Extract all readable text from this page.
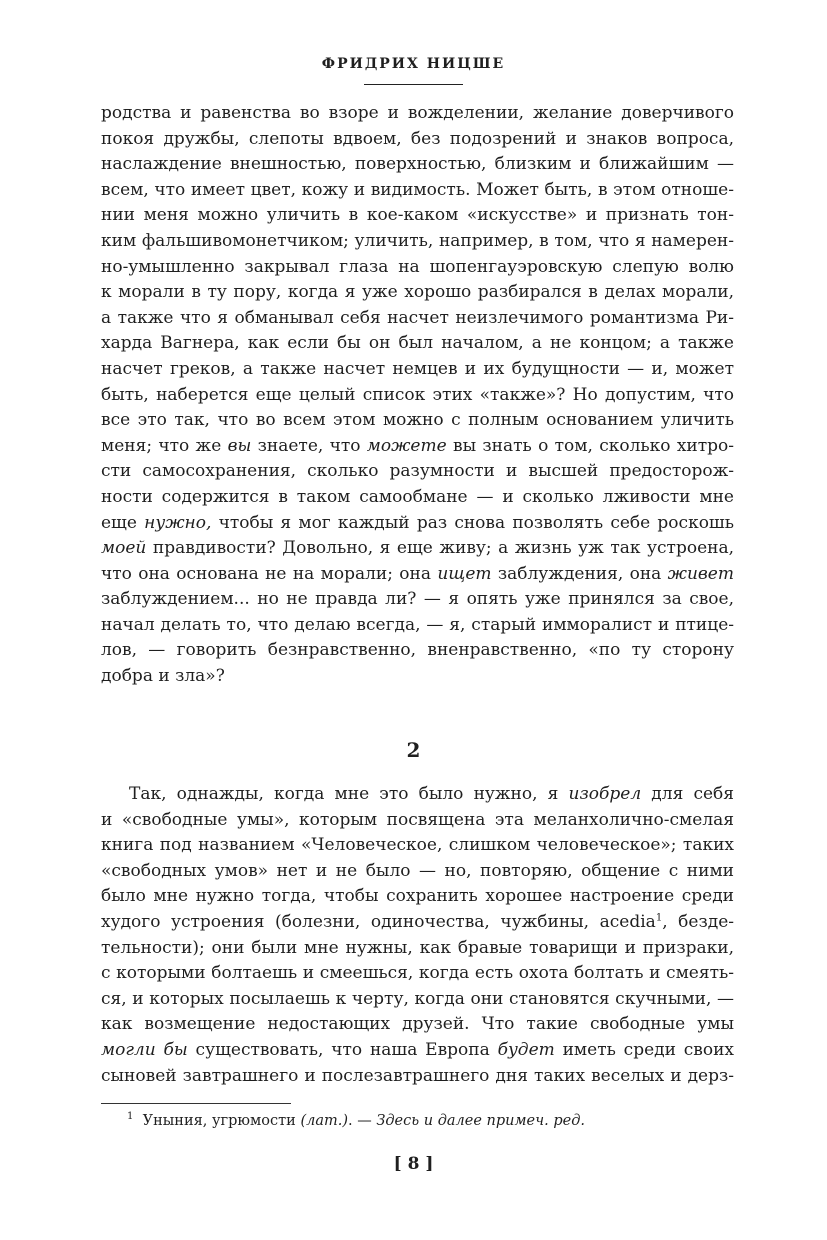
ФРИДРИХ НИЦШЕ
родства и равенства во взоре и вожделении, желание доверчивого
покоя дружбы, слепоты вдвоем, без подозрений и знаков вопроса,
наслаждение внешностью, поверхностью, близким и ближайшим —
всем, что имеет цвет, кожу и видимость. Может быть, в этом отноше-
нии меня можно уличить в кое-каком «искусстве» и признать тон-
ким фальшивомонетчиком; уличить, например, в том, что я намерен-
но-умышленно закрывал глаза на шопенгауэровскую слепую волю
к морали в ту пору, когда я уже хорошо разбирался в делах морали,
а также что я обманывал себя насчет неизлечимого романтизма Ри-
харда Вагнера, как если бы он был началом, а не концом; а также
насчет греков, а также насчет немцев и их будущности — и, может
быть, наберется еще целый список этих «также»? Но допустим, что
все это так, что во всем этом можно с полным основанием уличить
меня; что же вы знаете, что можете вы знать о том, сколько хитро-
сти самосохранения, сколько разумности и высшей предосторож-
ности содержится в таком самообмане — и сколько лживости мне
еще нужно, чтобы я мог каждый раз снова позволять себе роскошь
моей правдивости? Довольно, я еще живу; а жизнь уж так устроена,
что она основана не на морали; она ищет заблуждения, она живет
заблуждением... но не правда ли? — я опять уже принялся за свое,
начал делать то, что делаю всегда, — я, старый имморалист и птице-
лов, — говорить безнравственно, вненравственно, «по ту сторону
добра и зла»?
2
Так, однажды, когда мне это было нужно, я изобрел для себя
и «свободные умы», которым посвящена эта меланхолично-смелая
книга под названием «Человеческое, слишком человеческое»; таких
«свободных умов» нет и не было — но, повторяю, общение с ними
было мне нужно тогда, чтобы сохранить хорошее настроение среди
худого устроения (болезни, одиночества, чужбины, acedia$^1$, безде-
тельности); они были мне нужны, как бравые товарищи и призраки,
с которыми болтаешь и смеешься, когда есть охота болтать и смеять-
ся, и которых посылаешь к черту, когда они становятся скучными, —
как возмещение недостающих друзей. Что такие свободные умы
могли бы существовать, что наша Европа будет иметь среди своих
сыновей завтрашнего и послезавтрашнего дня таких веселых и дерз-
$^1$ Уныния, угрюмости (лат.). — Здесь и далее примеч. ред.
[ 8 ]
